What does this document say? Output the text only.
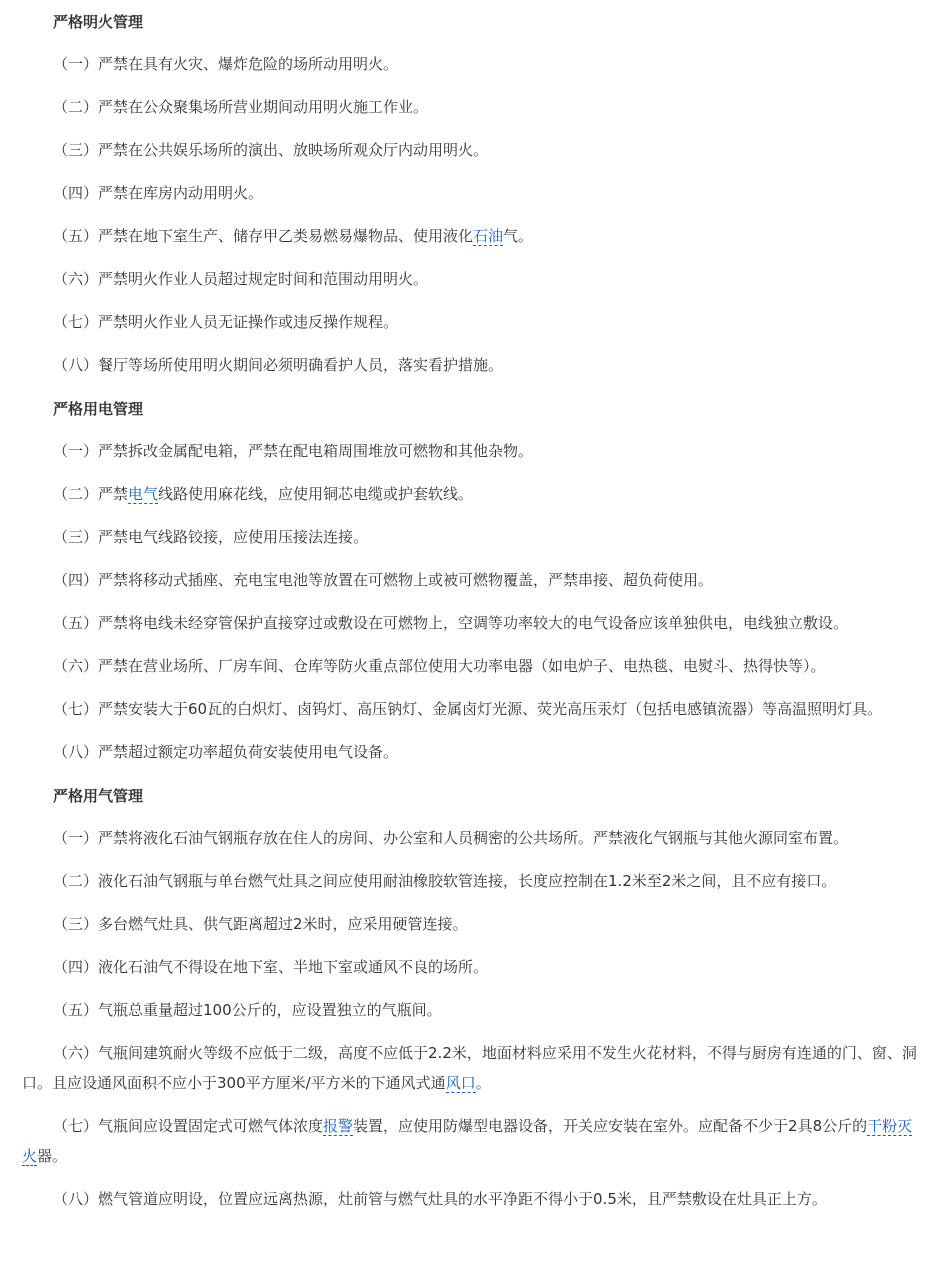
严格明火管理

（一）严禁在具有火灾、爆炸危险的场所动用明火。

（二）严禁在公众聚集场所营业期间动用明火施工作业。

（三）严禁在公共娱乐场所的演出、放映场所观众厅内动用明火。

（四）严禁在库房内动用明火。

（五）严禁在地下室生产、储存甲乙类易燃易爆物品、使用液化石油气。

（六）严禁明火作业人员超过规定时间和范围动用明火。

（七）严禁明火作业人员无证操作或违反操作规程。

（八）餐厅等场所使用明火期间必须明确看护人员，落实看护措施。

严格用电管理

（一）严禁拆改金属配电箱，严禁在配电箱周围堆放可燃物和其他杂物。

（二）严禁电气线路使用麻花线，应使用铜芯电缆或护套软线。

（三）严禁电气线路铰接，应使用压接法连接。

（四）严禁将移动式插座、充电宝电池等放置在可燃物上或被可燃物覆盖，严禁串接、超负荷使用。

（五）严禁将电线未经穿管保护直接穿过或敷设在可燃物上，空调等功率较大的电气设备应该单独供电，电线独立敷设。

（六）严禁在营业场所、厂房车间、仓库等防火重点部位使用大功率电器（如电炉子、电热毯、电熨斗、热得快等）。

（七）严禁安装大于60瓦的白炽灯、卤钨灯、高压钠灯、金属卤灯光源、荧光高压汞灯（包括电感镇流器）等高温照明灯具。

（八）严禁超过额定功率超负荷安装使用电气设备。

严格用气管理

（一）严禁将液化石油气钢瓶存放在住人的房间、办公室和人员稠密的公共场所。严禁液化气钢瓶与其他火源同室布置。

（二）液化石油气钢瓶与单台燃气灶具之间应使用耐油橡胶软管连接，长度应控制在1.2米至2米之间，且不应有接口。

（三）多台燃气灶具、供气距离超过2米时，应采用硬管连接。

（四）液化石油气不得设在地下室、半地下室或通风不良的场所。

（五）气瓶总重量超过100公斤的，应设置独立的气瓶间。

（六）气瓶间建筑耐火等级不应低于二级，高度不应低于2.2米，地面材料应采用不发生火花材料，不得与厨房有连通的门、窗、洞口。且应设通风面积不应小于300平方厘米/平方米的下通风式通风口。

（七）气瓶间应设置固定式可燃气体浓度报警装置，应使用防爆型电器设备，开关应安装在室外。应配备不少于2具8公斤的干粉灭火器。

（八）燃气管道应明设，位置应远离热源，灶前管与燃气灶具的水平净距不得小于0.5米，且严禁敷设在灶具正上方。
